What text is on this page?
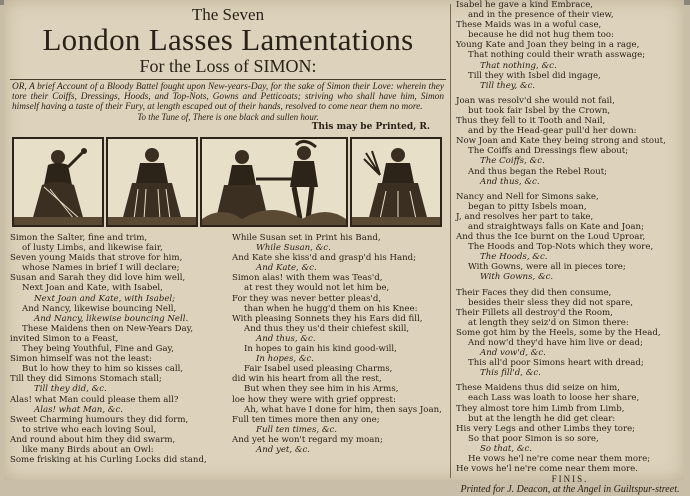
The Seven

London Lasses Lamentations

For the Loss of SIMON:

OR, A brief Account of a Bloody Battel fought upon New-years-Day, for the sake of Simon their Love: wherein they tore their Coiffs, Dressings, Hoods, and Top-Nots, Gowns and Petticoats; striving who shall have him, Simon himself having a taste of their Fury, at length escaped out of their hands, resolved to come near them no more.

To the Tune of, There is one black and sullen hour.

This may be Printed, R.

Simon the Salter, fine and trim,

of lusty Limbs, and likewise fair,

Seven young Maids that strove for him,

whose Names in brief I will declare;

Susan and Sarah they did love him well,

Next Joan and Kate, with Isabel,

Next Joan and Kate, with Isabel;

And Nancy, likewise bouncing Nell,

And Nancy, likewise bouncing Nell.

These Maidens then on New-Years Day,

invited Simon to a Feast,

They being Youthful, Fine and Gay,

Simon himself was not the least:

But lo how they to him so kisses call,

Till they did Simons Stomach stall;

Till they did, &c.

Alas! what Man could please them all?

Alas! what Man, &c.

Sweet Charming humours they did form,

to strive who each loving Soul,

And round about him they did swarm,

like many Birds about an Owl:

Some frisking at his Curling Locks did stand,

While Susan set in Print his Band,

While Susan, &c.

And Kate she kiss'd and grasp'd his Hand;

And Kate, &c.

Simon alas! with them was Teas'd,

at rest they would not let him be,

For they was never better pleas'd,

than when he hugg'd them on his Knee:

With pleasing Sonnets they his Ears did fill,

And thus they us'd their chiefest skill,

And thus, &c.

In hopes to gain his kind good-will,

In hopes, &c.

Fair Isabel used pleasing Charms,

did win his heart from all the rest,

But when they see him in his Arms,

loe how they were with grief opprest:

Ah, what have I done for him, then says Joan,

Full ten times more then any one;

Full ten times, &c.

And yet he won't regard my moan;

And yet, &c.

Isabel he gave a kind Embrace,

and in the presence of their view,

These Maids was in a woful case,

because he did not hug them too:

Young Kate and Joan they being in a rage,

That nothing could their wrath asswage;

That nothing, &c.

Till they with Isbel did ingage,

Till they, &c.

Joan was resolv'd she would not fail,

but took fair Isbel by the Crown,

Thus they fell to it Tooth and Nail,

and by the Head-gear pull'd her down:

Now Joan and Kate they being strong and stout,

The Coiffs and Dressings flew about;

The Coiffs, &c.

And thus began the Rebel Rout;

And thus, &c.

Nancy and Nell for Simons sake,

began to pitty Isbels moan,

J, and resolves her part to take,

and straightways falls on Kate and Joan;

And thus the Ice burnt on the Loud Uproar,

The Hoods and Top-Nots which they wore,

The Hoods, &c.

With Gowns, were all in pieces tore;

With Gowns, &c.

Their Faces they did then consume,

besides their sless they did not spare,

Their Fillets all destroy'd the Room,

at length they seiz'd on Simon there:

Some got him by the Heels, some by the Head,

And now'd they'd have him live or dead;

And vow'd, &c.

This all'd poor Simons heart with dread;

This fill'd, &c.

These Maidens thus did seize on him,

each Lass was loath to loose her share,

They almost tore him Limb from Limb,

but at the length he did get clear:

His very Legs and other Limbs they tore;

So that poor Simon is so sore,

So that, &c.

He vows he'l ne're come near them more;

He vows he'l ne're come near them more.

FINIS.

Printed for J. Deacon, at the Angel in Guiltspur-street.
